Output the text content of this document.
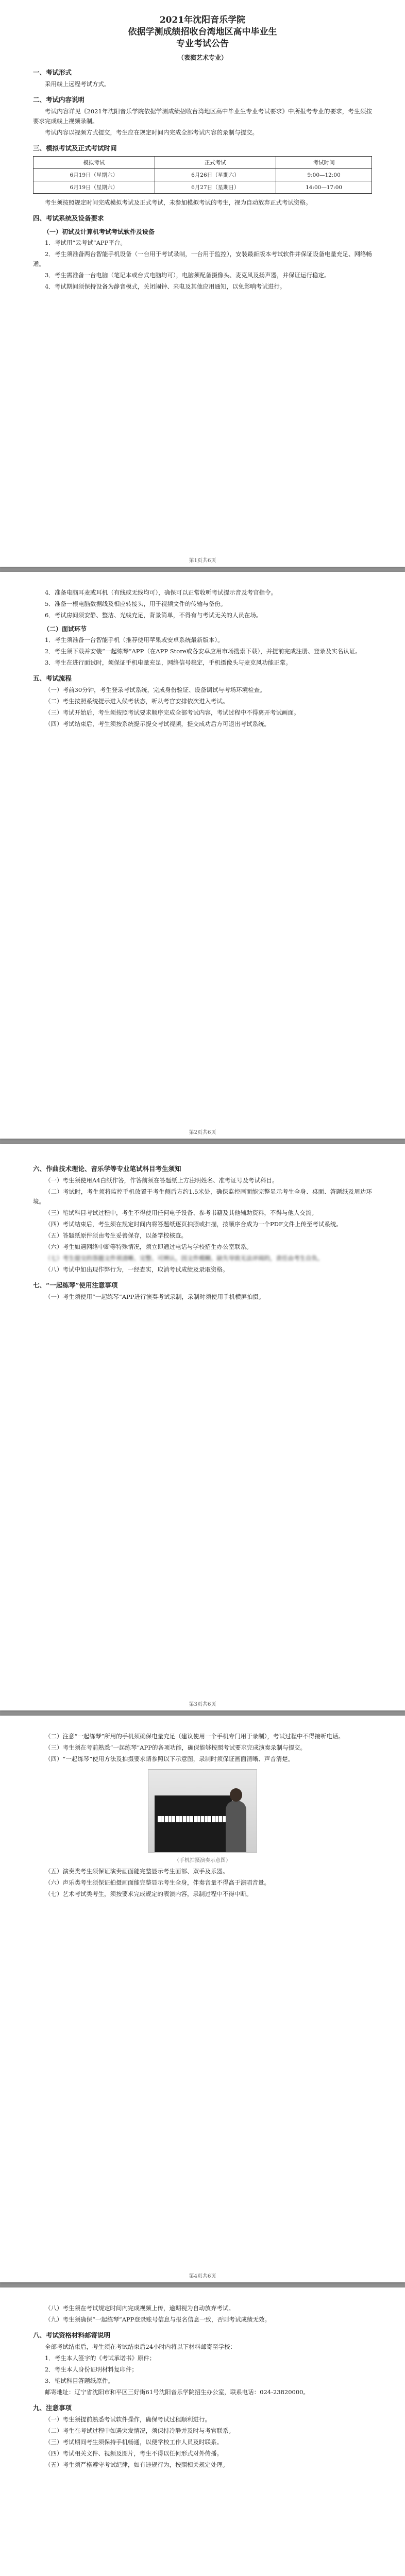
2021年沈阳音乐学院
依据学测成绩招收台湾地区高中毕业生
专业考试公告
（表演艺术专业）
一、考试形式

采用线上远程考试方式。

二、考试内容说明

考试内容详见《2021年沈阳音乐学院依据学测成绩招收台湾地区高中毕业生专业考试要求》中所报考专业的要求，考生须按要求完成线上视频录制。

考试内容以视频方式提交，考生应在规定时间内完成全部考试内容的录制与提交。

三、模拟考试及正式考试时间
模拟考试	正式考试	考试时间
6月19日（星期六）	6月26日（星期六）	9:00—12:00
6月19日（星期六）	6月27日（星期日）	14:00—17:00

考生须按照规定时间完成模拟考试及正式考试，未参加模拟考试的考生，视为自动放弃正式考试资格。

四、考试系统及设备要求
（一）初试及计算机考试考试软件及设备

1．考试用“云考试”APP平台。

2．考生须准备两台智能手机设备（一台用于考试录制，一台用于监控），安装最新版本考试软件并保证设备电量充足、网络畅通。

3．考生需准备一台电脑（笔记本或台式电脑均可），电脑须配备摄像头、麦克风及扬声器，并保证运行稳定。

4．考试期间须保持设备为静音模式，关闭闹钟、来电及其他应用通知，以免影响考试进行。

第1页共6页

4．准备电脑耳麦或耳机（有线或无线均可），确保可以正常收听考试提示音及考官指令。

5．准备一根电脑数据线及相应转接头，用于视频文件的传输与备份。

6．考试房间须安静、整洁、光线充足，背景简单，不得有与考试无关的人员在场。

（二）面试环节

1．考生须准备一台智能手机（推荐使用苹果或安卓系统最新版本）。

2．考生须下载并安装“一起练琴”APP（在APP Store或各安卓应用市场搜索下载），并提前完成注册、登录及实名认证。

3．考生在进行面试时，须保证手机电量充足，网络信号稳定，手机摄像头与麦克风功能正常。

五、考试流程

（一）考前30分钟，考生登录考试系统，完成身份验证、设备调试与考场环境检查。

（二）考生按照系统提示进入候考状态，听从考官安排依次进入考试。

（三）考试开始后，考生须按照考试要求顺序完成全部考试内容，考试过程中不得离开考试画面。

（四）考试结束后，考生须按系统提示提交考试视频，提交成功后方可退出考试系统。

第2页共6页
六、作曲技术理论、音乐学等专业笔试科目考生须知

（一）考生须使用A4白纸作答，作答前须在答题纸上方注明姓名、准考证号及考试科目。

（二）考试时，考生须将监控手机放置于考生侧后方约1.5米处，确保监控画面能完整显示考生全身、桌面、答题纸及周边环境。

（三）笔试科目考试过程中，考生不得使用任何电子设备、参考书籍及其他辅助资料，不得与他人交流。

（四）考试结束后，考生须在规定时间内将答题纸逐页拍照或扫描，按顺序合成为一个PDF文件上传至考试系统。

（五）答题纸原件须由考生妥善保存，以备学校核查。

（六）考生如遇网络中断等特殊情况，须立即通过电话与学校招生办公室联系。

（七）考生提交的答题文件须清晰、完整、可辨认，因文件模糊、缺失导致无法评阅的，责任由考生自负。

（八）考试中如出现作弊行为，一经查实，取消考试成绩及录取资格。

七、“一起练琴”使用注意事项

（一）考生须使用“一起练琴”APP进行演奏考试录制，录制时须使用手机横屏拍摄。

第3页共6页

（二）注意“一起练琴”所用的手机须确保电量充足（建议使用一个手机专门用于录制），考试过程中不得接听电话。

（三）考生须在考前熟悉“一起练琴”APP的各项功能，确保能够按照考试要求完成演奏录制与提交。

（四）“一起练琴”使用方法及拍摄要求请参照以下示意图，录制时须保证画面清晰、声音清楚。

（手机拍摄演奏示意图）

（五）演奏类考生须保证演奏画面能完整显示考生面部、双手及乐器。

（六）声乐类考生须保证拍摄画面能完整显示考生全身，伴奏音量不得高于演唱音量。

（七）艺术考试类考生，须按要求完成规定的表演内容，录制过程中不得中断。

第4页共6页

（八）考生须在考试规定时间内完成视频上传，逾期视为自动放弃考试。

（九）考生须确保“一起练琴”APP登录账号信息与报名信息一致，否则考试成绩无效。

八、考试资格材料邮寄说明

全部考试结束后，考生须在考试结束后24小时内将以下材料邮寄至学校：

1．考生本人签字的《考试承诺书》原件；

2．考生本人身份证明材料复印件；

3．笔试科目答题纸原件。

邮寄地址：辽宁省沈阳市和平区三好街61号沈阳音乐学院招生办公室，联系电话：024-23820000。

九、注意事项

（一）考生须提前熟悉考试软件操作，确保考试过程顺利进行。

（二）考生在考试过程中如遇突发情况，须保持冷静并及时与考官联系。

（三）考试期间考生须保持手机畅通，以便学校工作人员及时联系。

（四）考试相关文件、视频及图片，考生不得以任何形式对外传播。

（五）考生须严格遵守考试纪律，如有违规行为，按照相关规定处理。
